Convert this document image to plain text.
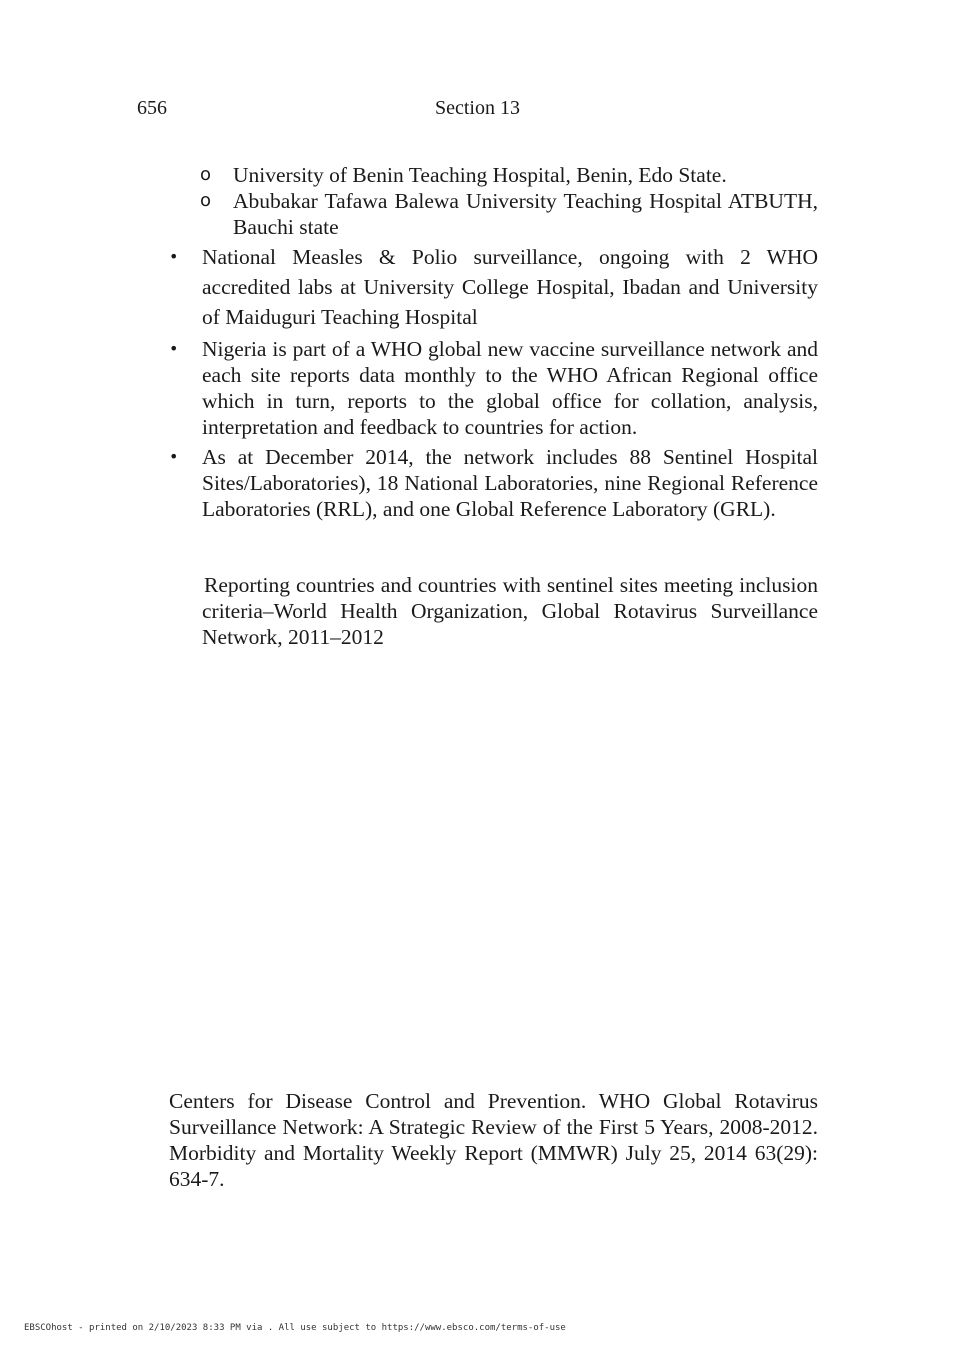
656	Section 13
o University of Benin Teaching Hospital, Benin, Edo State.
o Abubakar Tafawa Balewa University Teaching Hospital ATBUTH, Bauchi state
• National Measles & Polio surveillance, ongoing with 2 WHO accredited labs at University College Hospital, Ibadan and University of Maiduguri Teaching Hospital
• Nigeria is part of a WHO global new vaccine surveillance network and each site reports data monthly to the WHO African Regional office which in turn, reports to the global office for collation, analysis, interpretation and feedback to countries for action.
• As at December 2014, the network includes 88 Sentinel Hospital Sites/Laboratories), 18 National Laboratories, nine Regional Reference Laboratories (RRL), and one Global Reference Laboratory (GRL).

Reporting countries and countries with sentinel sites meeting inclusion criteria–World Health Organization, Global Rotavirus Surveillance Network, 2011–2012

Centers for Disease Control and Prevention. WHO Global Rotavirus Surveillance Network: A Strategic Review of the First 5 Years, 2008-2012. Morbidity and Mortality Weekly Report (MMWR) July 25, 2014 63(29): 634-7.

EBSCOhost - printed on 2/10/2023 8:33 PM via . All use subject to https://www.ebsco.com/terms-of-use
